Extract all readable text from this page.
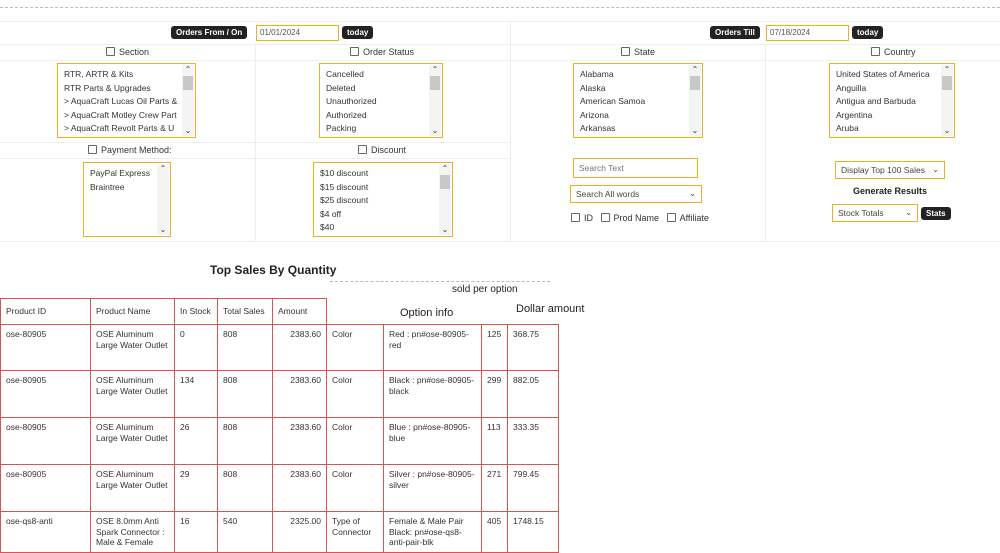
Orders From / On	01/01/2024	today	Orders Till	07/18/2024	today
Section	Order Status	State	Country
RTR, ARTR & Kits
RTR Parts & Upgrades
> AquaCraft Lucas Oil Parts &
> AquaCraft Motley Crew Part
> AquaCraft Revolt Parts & U
⌃
⌄
Cancelled
Deleted
Unauthorized
Authorized
Packing
⌃
⌄
Alabama
Alaska
American Samoa
Arizona
Arkansas
⌃
⌄
United States of America
Anguilla
Antigua and Barbuda
Argentina
Aruba
⌃
⌄
Payment Method:	Discount
PayPal Express
Braintree
⌃
⌄
$10 discount
$15 discount
$25 discount
$4 off
$40
⌃
⌄
Search Text
Search All words	⌄
ID Prod Name Affiliate
Display Top 100 Sales ⌄
Generate Results
Stock Totals	⌄	Stats
Top Sales By Quantity
sold per option
Option info	Dollar amount
Product ID	Product Name	In Stock	Total Sales	Amount				
ose-80905	OSE Aluminum Large Water Outlet	0	808	2383.60	Color	Red : pn#ose-80905-red	125	368.75
ose-80905	OSE Aluminum Large Water Outlet	134	808	2383.60	Color	Black : pn#ose-80905-black	299	882.05
ose-80905	OSE Aluminum Large Water Outlet	26	808	2383.60	Color	Blue : pn#ose-80905-blue	113	333.35
ose-80905	OSE Aluminum Large Water Outlet	29	808	2383.60	Color	Silver : pn#ose-80905-silver	271	799.45
ose-qs8-anti	OSE 8.0mm Anti Spark Connector : Male & Female	16	540	2325.00	Type of Connector	Female & Male Pair Black: pn#ose-qs8-anti-pair-blk	405	1748.15
